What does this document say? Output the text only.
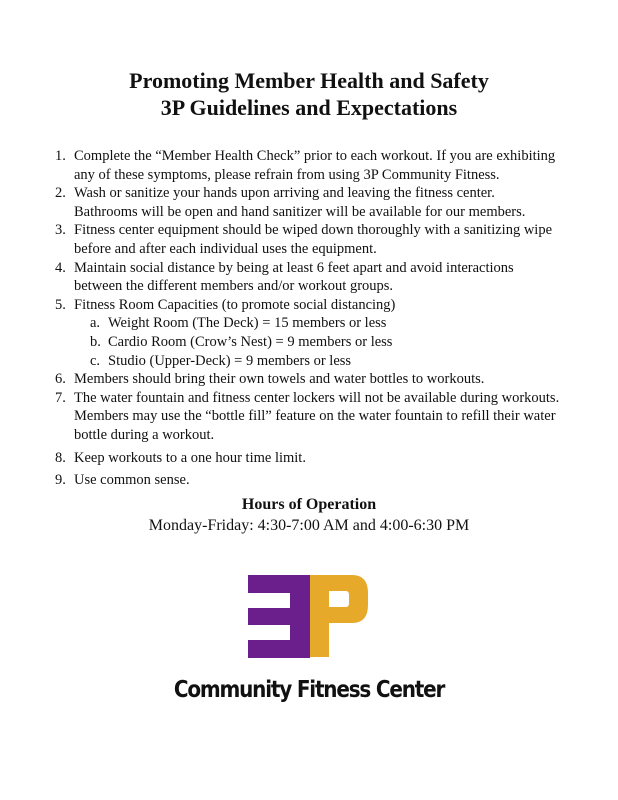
Promoting Member Health and Safety
3P Guidelines and Expectations
1. Complete the “Member Health Check” prior to each workout. If you are exhibiting
any of these symptoms, please refrain from using 3P Community Fitness.
2. Wash or sanitize your hands upon arriving and leaving the fitness center.
Bathrooms will be open and hand sanitizer will be available for our members.
3. Fitness center equipment should be wiped down thoroughly with a sanitizing wipe
before and after each individual uses the equipment.
4. Maintain social distance by being at least 6 feet apart and avoid interactions
between the different members and/or workout groups.
5. Fitness Room Capacities (to promote social distancing)
a. Weight Room (The Deck) = 15 members or less
b. Cardio Room (Crow’s Nest) = 9 members or less
c. Studio (Upper-Deck) = 9 members or less
6. Members should bring their own towels and water bottles to workouts.
7. The water fountain and fitness center lockers will not be available during workouts.
Members may use the “bottle fill” feature on the water fountain to refill their water
bottle during a workout.
8. Keep workouts to a one hour time limit.
9. Use common sense.
Hours of Operation
Monday-Friday: 4:30-7:00 AM and 4:00-6:30 PM
Community Fitness Center
